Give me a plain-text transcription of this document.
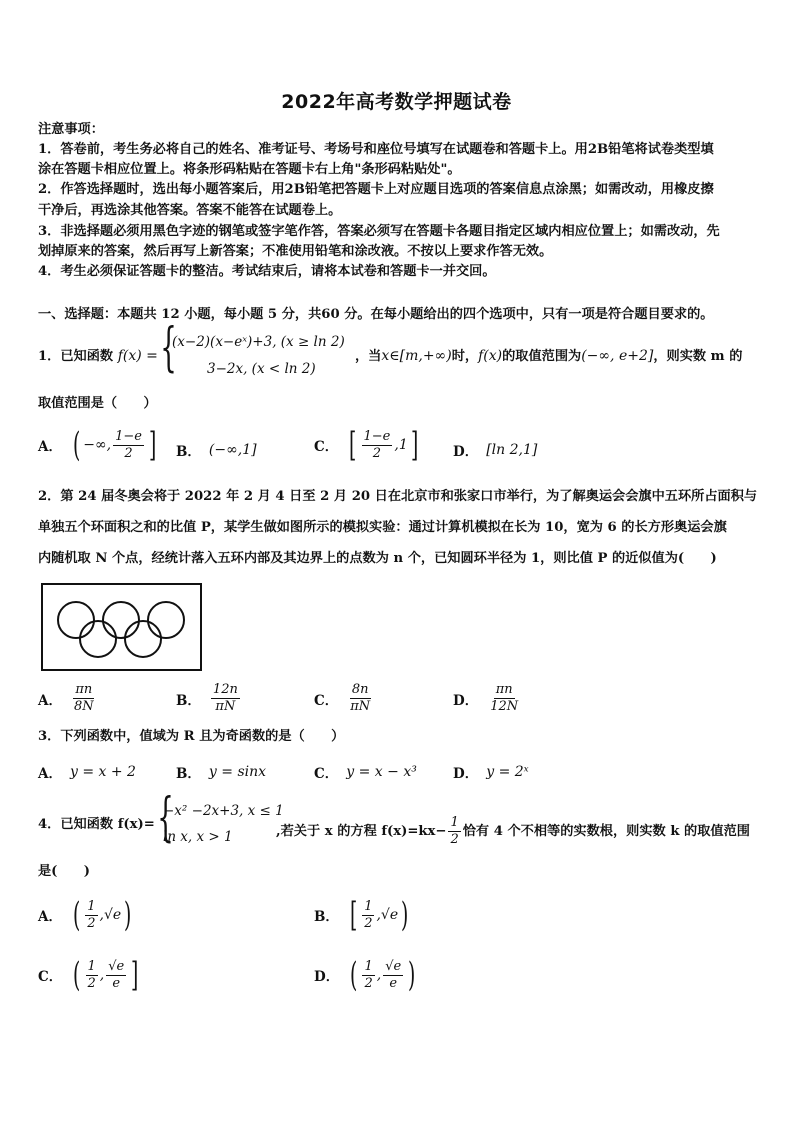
2022年高考数学押题试卷
注意事项：
1．答卷前，考生务必将自己的姓名、准考证号、考场号和座位号填写在试题卷和答题卡上。用2B铅笔将试卷类型填
涂在答题卡相应位置上。将条形码粘贴在答题卡右上角"条形码粘贴处"。
2．作答选择题时，选出每小题答案后，用2B铅笔把答题卡上对应题目选项的答案信息点涂黑；如需改动，用橡皮擦
干净后，再选涂其他答案。答案不能答在试题卷上。
3．非选择题必须用黑色字迹的钢笔或签字笔作答，答案必须写在答题卡各题目指定区域内相应位置上；如需改动，先
划掉原来的答案，然后再写上新答案；不准使用铅笔和涂改液。不按以上要求作答无效。
4．考生必须保证答题卡的整洁。考试结束后，请将本试卷和答题卡一并交回。
一、选择题：本题共 12 小题，每小题 5 分，共60 分。在每小题给出的四个选项中，只有一项是符合题目要求的。
1．已知函数 f(x) = {
(x−2)(x−eˣ)+3, (x ≥ ln 2)
3−2x, (x < ln 2)
，当x∈[m,+∞)时，f(x)的取值范围为(−∞, e+2]，则实数 m 的
取值范围是（　　）
A． ( −∞, $\frac{1-e}{2}$ ] B． (−∞,1]	C． [ $\frac{1-e}{2} ,1$ ]	D． [ln 2,1]
2．第 24 届冬奥会将于 2022 年 2 月 4 日至 2 月 20 日在北京市和张家口市举行，为了解奥运会会旗中五环所占面积与
单独五个环面积之和的比值 P，某学生做如图所示的模拟实验：通过计算机模拟在长为 10，宽为 6 的长方形奥运会旗
内随机取 N 个点，经统计落入五环内部及其边界上的点数为 n 个，已知圆环半径为 1，则比值 P 的近似值为(　　)
A． $\frac{\pi n}{8N}$	B． $\frac{12n}{\pi N}$	C． $\frac{8n}{\pi N}$	D． $\frac{\pi n}{12N}$
3．下列函数中，值域为 R 且为奇函数的是（　　）
A． y = x + 2	B． y = sinx	C． y = x − x³	D． y = 2ˣ
4．已知函数 f(x)= {
−x² −2x+3, x ≤ 1
ln x, x > 1	,若关于 x 的方程 $f(x)=kx- \frac{1}{2}$ 恰有 4 个不相等的实数根，则实数 k 的取值范围
是(　　)
A． ( $\frac{1}{2} ,√e$ )	B． [ $\frac{1}{2} ,√e$ )
C． ( $\frac{1}{2}$ , $\frac{√e}{e}$ ]	D． ( $\frac{1}{2}$ , $\frac{√e}{e}$ )
